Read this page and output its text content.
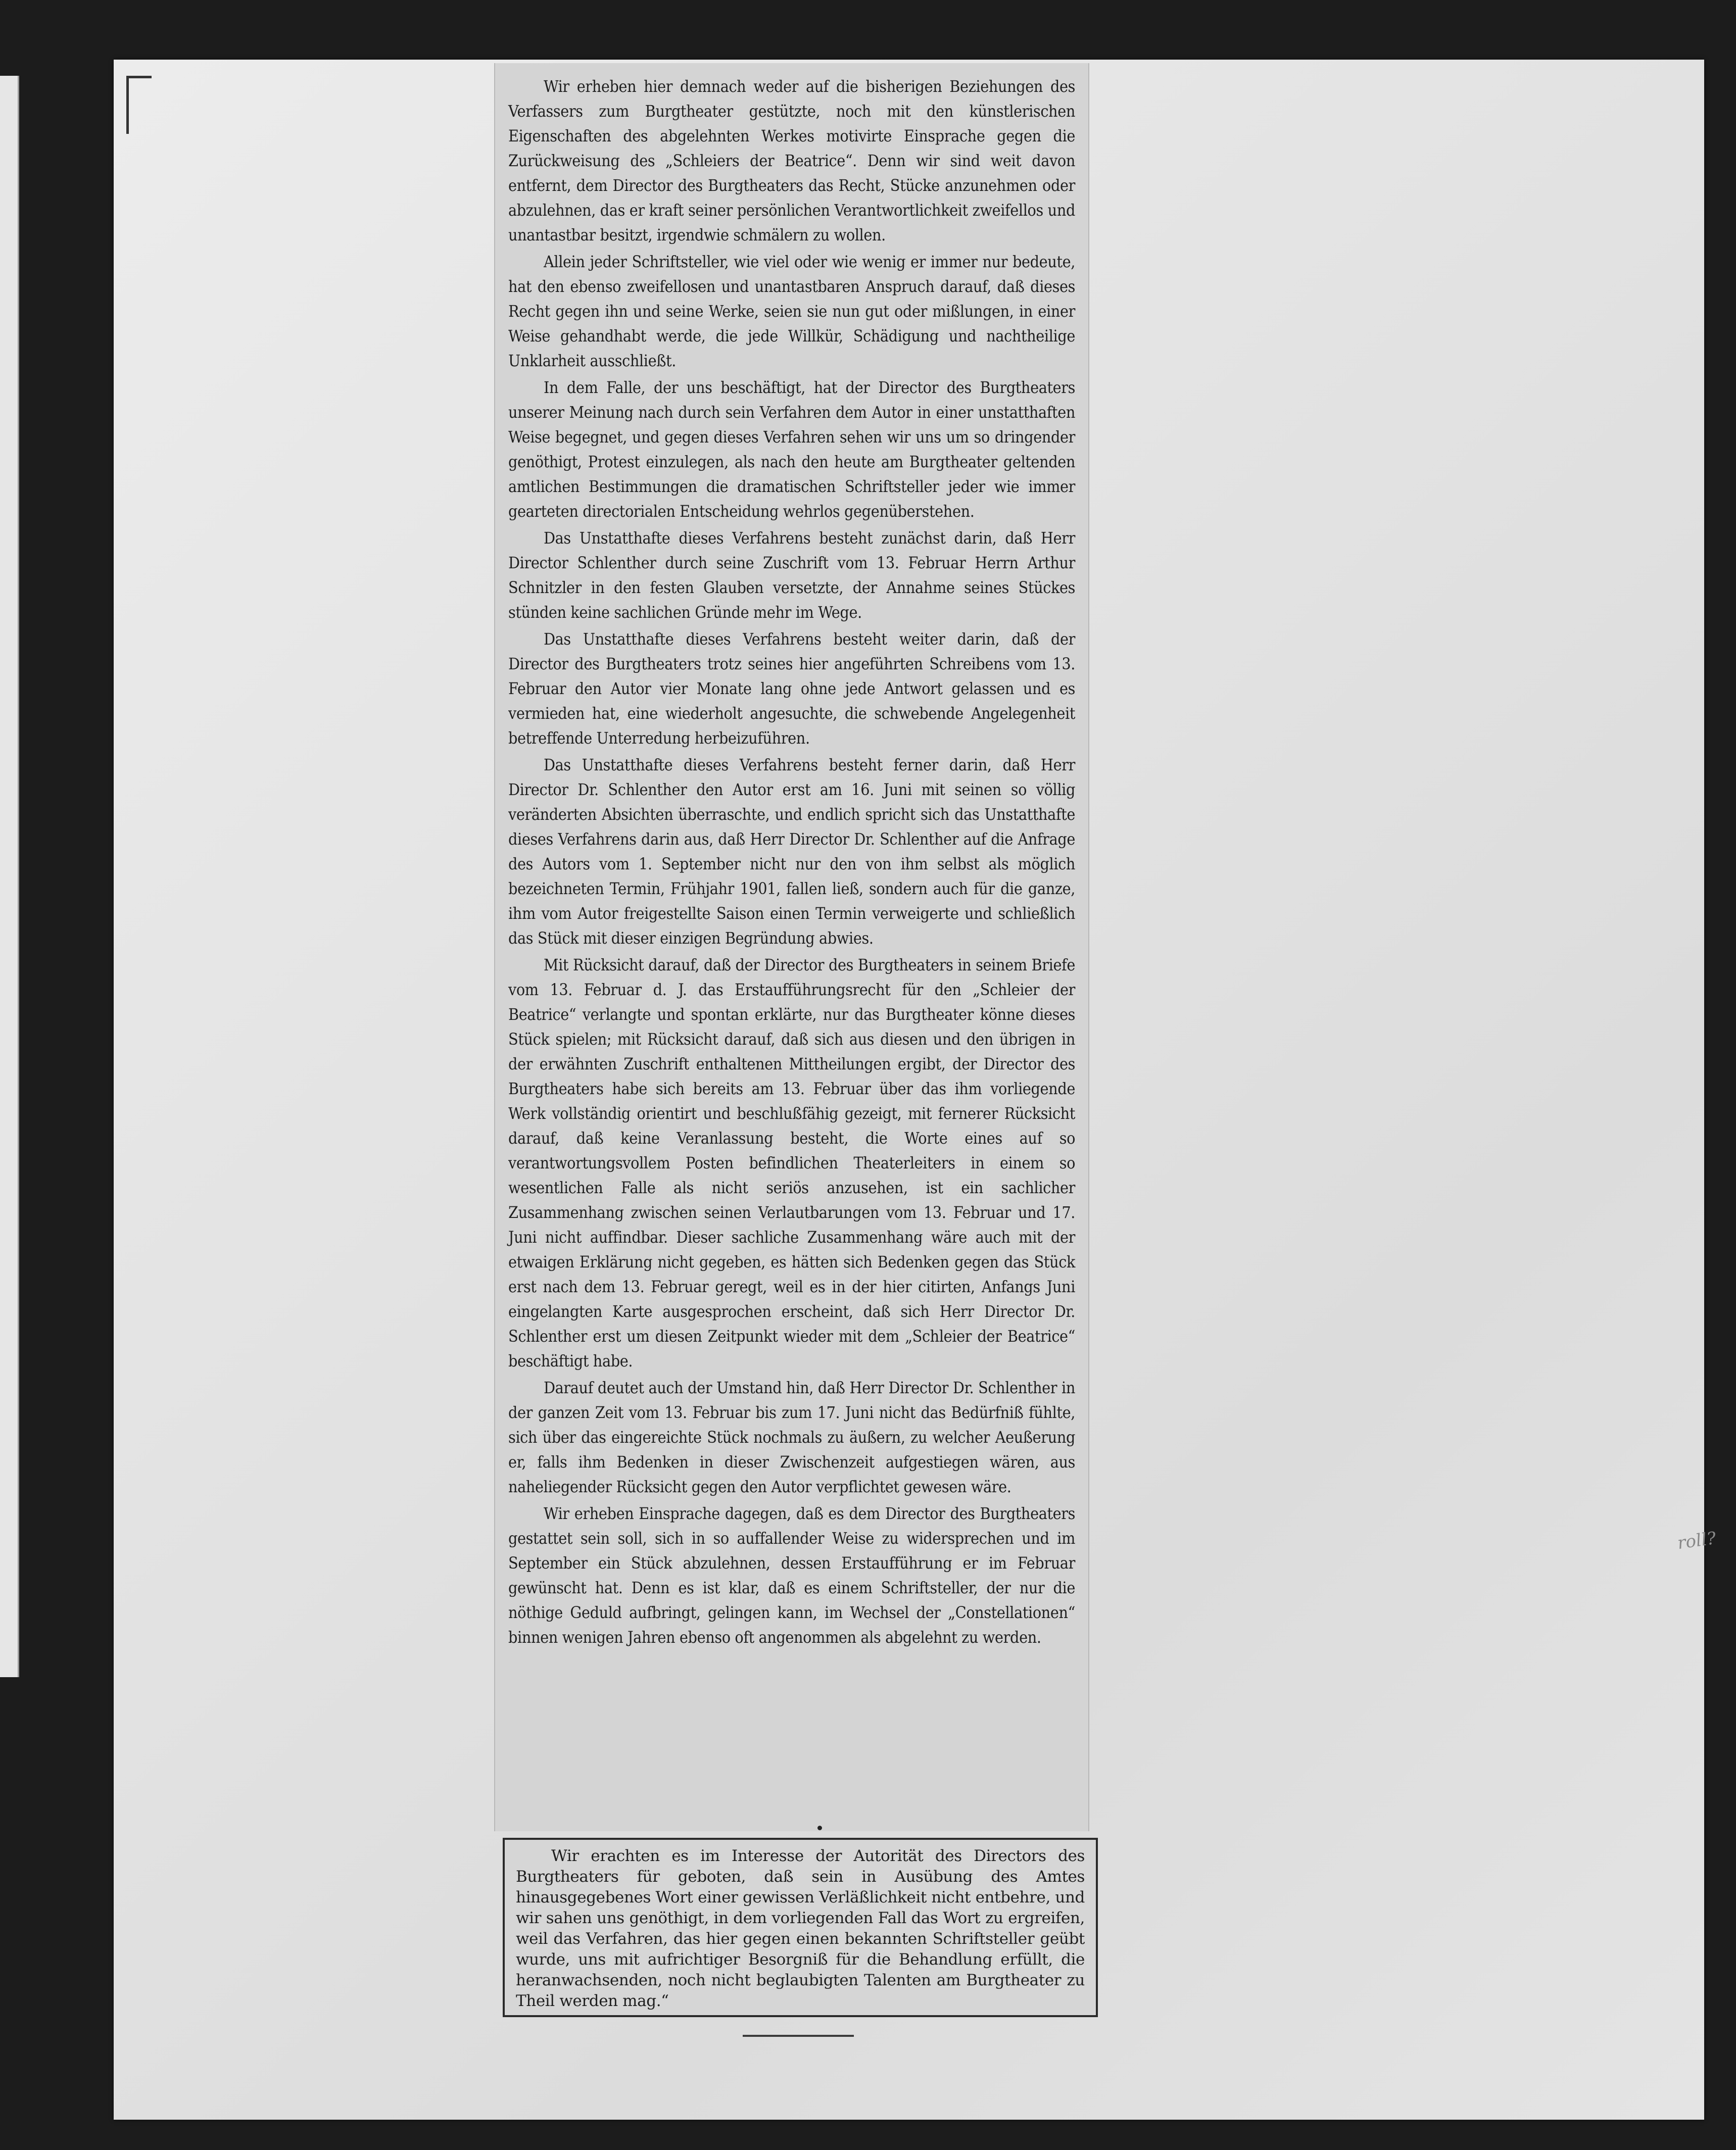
Wir erheben hier demnach weder auf die bisherigen Beziehungen des Verfassers zum Burgtheater gestützte, noch mit den künstlerischen Eigenschaften des abgelehnten Werkes motivirte Einsprache gegen die Zurückweisung des „Schleiers der Beatrice“. Denn wir sind weit davon entfernt, dem Director des Burgtheaters das Recht, Stücke anzunehmen oder abzulehnen, das er kraft seiner persönlichen Verantwortlichkeit zweifellos und unantastbar besitzt, irgendwie schmälern zu wollen.

Allein jeder Schriftsteller, wie viel oder wie wenig er immer nur bedeute, hat den ebenso zweifellosen und unantastbaren Anspruch darauf, daß dieses Recht gegen ihn und seine Werke, seien sie nun gut oder mißlungen, in einer Weise gehandhabt werde, die jede Willkür, Schädigung und nachtheilige Unklarheit ausschließt.

In dem Falle, der uns beschäftigt, hat der Director des Burgtheaters unserer Meinung nach durch sein Verfahren dem Autor in einer unstatthaften Weise begegnet, und gegen dieses Verfahren sehen wir uns um so dringender genöthigt, Protest einzulegen, als nach den heute am Burgtheater geltenden amtlichen Bestimmungen die dramatischen Schriftsteller jeder wie immer gearteten directorialen Entscheidung wehrlos gegenüberstehen.

Das Unstatthafte dieses Verfahrens besteht zunächst darin, daß Herr Director Schlenther durch seine Zuschrift vom 13. Februar Herrn Arthur Schnitzler in den festen Glauben versetzte, der Annahme seines Stückes stünden keine sachlichen Gründe mehr im Wege.

Das Unstatthafte dieses Verfahrens besteht weiter darin, daß der Director des Burgtheaters trotz seines hier angeführten Schreibens vom 13. Februar den Autor vier Monate lang ohne jede Antwort gelassen und es vermieden hat, eine wiederholt angesuchte, die schwebende Angelegenheit betreffende Unterredung herbeizuführen.

Das Unstatthafte dieses Verfahrens besteht ferner darin, daß Herr Director Dr. Schlenther den Autor erst am 16. Juni mit seinen so völlig veränderten Absichten überraschte, und endlich spricht sich das Unstatthafte dieses Verfahrens darin aus, daß Herr Director Dr. Schlenther auf die Anfrage des Autors vom 1. September nicht nur den von ihm selbst als möglich bezeichneten Termin, Frühjahr 1901, fallen ließ, sondern auch für die ganze, ihm vom Autor freigestellte Saison einen Termin verweigerte und schließlich das Stück mit dieser einzigen Begründung abwies.

Mit Rücksicht darauf, daß der Director des Burgtheaters in seinem Briefe vom 13. Februar d. J. das Erstaufführungsrecht für den „Schleier der Beatrice“ verlangte und spontan erklärte, nur das Burgtheater könne dieses Stück spielen; mit Rücksicht darauf, daß sich aus diesen und den übrigen in der erwähnten Zuschrift enthaltenen Mittheilungen ergibt, der Director des Burgtheaters habe sich bereits am 13. Februar über das ihm vorliegende Werk vollständig orientirt und beschlußfähig gezeigt, mit fernerer Rücksicht darauf, daß keine Veranlassung besteht, die Worte eines auf so verantwortungsvollem Posten befindlichen Theaterleiters in einem so wesentlichen Falle als nicht seriös anzusehen, ist ein sachlicher Zusammenhang zwischen seinen Verlautbarungen vom 13. Februar und 17. Juni nicht auffindbar. Dieser sachliche Zusammenhang wäre auch mit der etwaigen Erklärung nicht gegeben, es hätten sich Bedenken gegen das Stück erst nach dem 13. Februar geregt, weil es in der hier citirten, Anfangs Juni eingelangten Karte ausgesprochen erscheint, daß sich Herr Director Dr. Schlenther erst um diesen Zeitpunkt wieder mit dem „Schleier der Beatrice“ beschäftigt habe.

Darauf deutet auch der Umstand hin, daß Herr Director Dr. Schlenther in der ganzen Zeit vom 13. Februar bis zum 17. Juni nicht das Bedürfniß fühlte, sich über das eingereichte Stück nochmals zu äußern, zu welcher Aeußerung er, falls ihm Bedenken in dieser Zwischenzeit aufgestiegen wären, aus naheliegender Rücksicht gegen den Autor verpflichtet gewesen wäre.

Wir erheben Einsprache dagegen, daß es dem Director des Burgtheaters gestattet sein soll, sich in so auffallender Weise zu widersprechen und im September ein Stück abzulehnen, dessen Erstaufführung er im Februar gewünscht hat. Denn es ist klar, daß es einem Schriftsteller, der nur die nöthige Geduld aufbringt, gelingen kann, im Wechsel der „Constellationen“ binnen wenigen Jahren ebenso oft angenommen als abgelehnt zu werden.

Wir erachten es im Interesse der Autorität des Directors des Burgtheaters für geboten, daß sein in Ausübung des Amtes hinausgegebenes Wort einer gewissen Verläßlichkeit nicht entbehre, und wir sahen uns genöthigt, in dem vorliegenden Fall das Wort zu ergreifen, weil das Verfahren, das hier gegen einen bekannten Schriftsteller geübt wurde, uns mit aufrichtiger Besorgniß für die Behandlung erfüllt, die heranwachsenden, noch nicht beglaubigten Talenten am Burgtheater zu Theil werden mag.“

roll?
